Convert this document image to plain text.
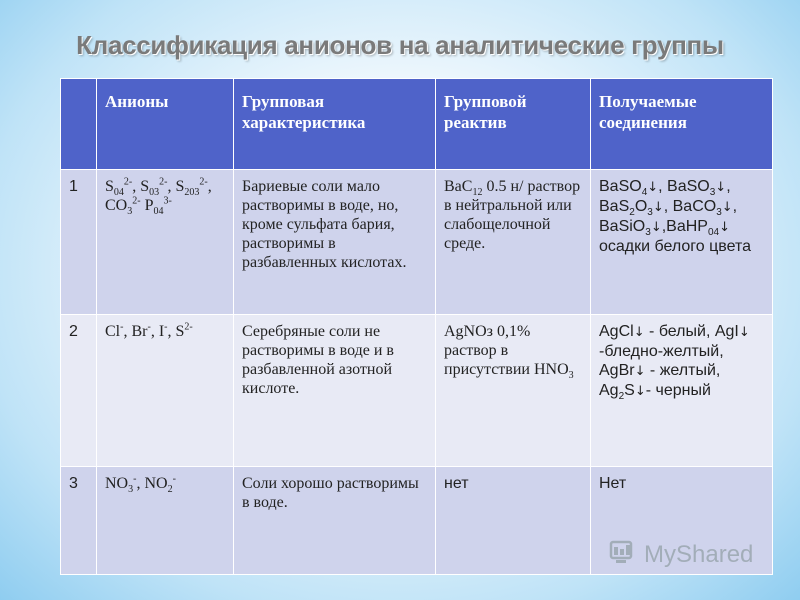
Классификация анионов на аналитические группы
	Анионы	Групповая характеристика	Групповой реактив	Получаемые соединения
1	$S_{04}^{2-}$, $S_{03}^{2-}$, $S_{203}^{2-}$, $CO_3^{2-}$ $P_{04}^{3-}$	Бариевые соли мало растворимы в воде, но, кроме сульфата бария, растворимы в разбавленных кислотах.	BaC$_{12}$ 0.5 н/ раствор в нейтральной или слабощелочной среде.	BaSO$_4$↓, BaSO$_3$↓, $BaS_2O_3↓$, BaCO$_3$↓, BaSiO$_3$↓,BaHP$_{04}$↓ осадки белого цвета
2	Cl-, Br-, I-, $S^{2-}$	Серебряные соли не растворимы в воде и в разбавленной азотной кислоте.	AgNOз 0,1% раствор в присутствии $HNO_3$	AgCl↓ - белый, AgI↓ -бледно-желтый, AgBr↓ - желтый, $Ag_2S↓-$ черный
3	$NO_3^-$, $NO_2^-$	Соли хорошо растворимы в воде.	нет	Нет
MyShared
